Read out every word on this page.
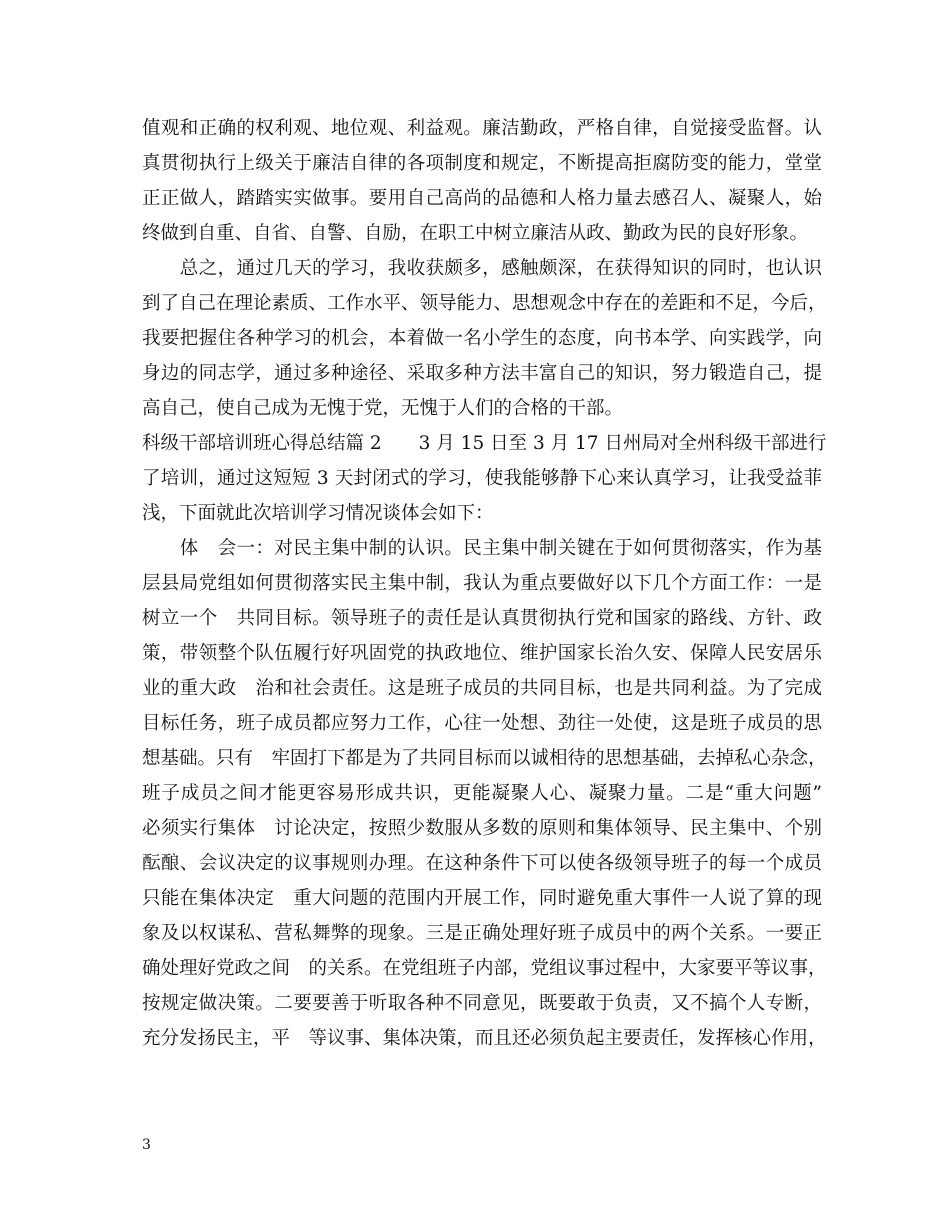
值观和正确的权利观、地位观、利益观。廉洁勤政，严格自律，自觉接受监督。认
真贯彻执行上级关于廉洁自律的各项制度和规定，不断提高拒腐防变的能力，堂堂
正正做人，踏踏实实做事。要用自己高尚的品德和人格力量去感召人、凝聚人，始
终做到自重、自省、自警、自励，在职工中树立廉洁从政、勤政为民的良好形象。
　　总之，通过几天的学习，我收获颇多，感触颇深，在获得知识的同时，也认识
到了自己在理论素质、工作水平、领导能力、思想观念中存在的差距和不足，今后，
我要把握住各种学习的机会，本着做一名小学生的态度，向书本学、向实践学，向
身边的同志学，通过多种途径、采取多种方法丰富自己的知识，努力锻造自己，提
高自己，使自己成为无愧于党，无愧于人们的合格的干部。
科级干部培训班心得总结篇 2　　3 月 15 日至 3 月 17 日州局对全州科级干部进行
了培训，通过这短短 3 天封闭式的学习，使我能够静下心来认真学习，让我受益菲
浅，下面就此次培训学习情况谈体会如下：
　　体　会一：对民主集中制的认识。民主集中制关键在于如何贯彻落实，作为基
层县局党组如何贯彻落实民主集中制，我认为重点要做好以下几个方面工作：一是
树立一个　共同目标。领导班子的责任是认真贯彻执行党和国家的路线、方针、政
策，带领整个队伍履行好巩固党的执政地位、维护国家长治久安、保障人民安居乐
业的重大政　治和社会责任。这是班子成员的共同目标，也是共同利益。为了完成
目标任务，班子成员都应努力工作，心往一处想、劲往一处使，这是班子成员的思
想基础。只有　牢固打下都是为了共同目标而以诚相待的思想基础，去掉私心杂念，
班子成员之间才能更容易形成共识，更能凝聚人心、凝聚力量。二是“重大问题”
必须实行集体　讨论决定，按照少数服从多数的原则和集体领导、民主集中、个别
酝酿、会议决定的议事规则办理。在这种条件下可以使各级领导班子的每一个成员
只能在集体决定　重大问题的范围内开展工作，同时避免重大事件一人说了算的现
象及以权谋私、营私舞弊的现象。三是正确处理好班子成员中的两个关系。一要正
确处理好党政之间　的关系。在党组班子内部，党组议事过程中，大家要平等议事，
按规定做决策。二要要善于听取各种不同意见，既要敢于负责，又不搞个人专断，
充分发扬民主，平　等议事、集体决策，而且还必须负起主要责任，发挥核心作用，
3
